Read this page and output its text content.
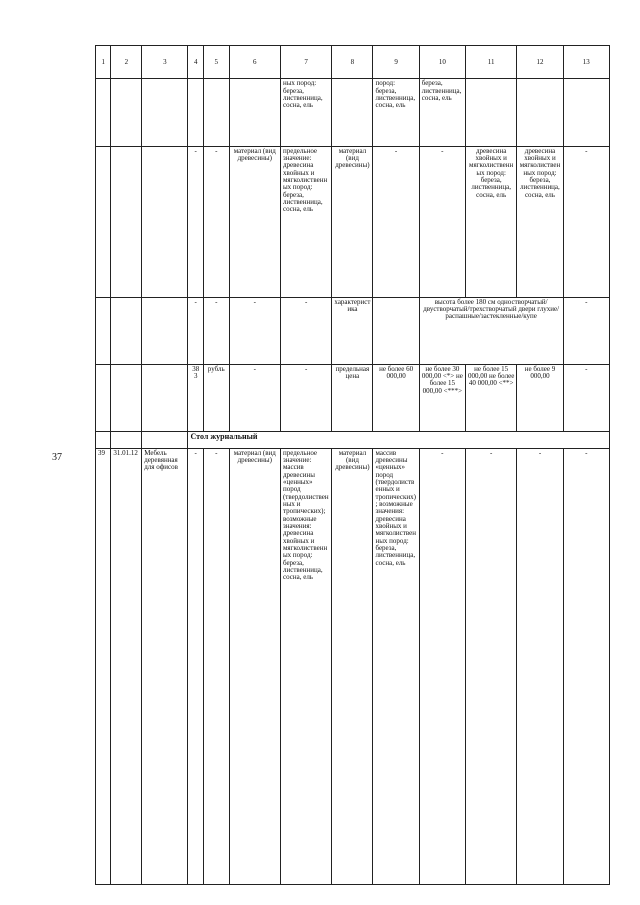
37
1	2	3	4	5	6	7	8	9	10	11	12	13
						ных пород: береза, лиственница, сосна, ель		пород: береза, лиственница, сосна, ель	береза, лиственница, сосна, ель			
			-	-	материал (вид древесины)	предельное значение: древесина хвойных и мягколиственных пород: береза, лиственница, сосна, ель	материал (вид древесины)	-	-	древесина хвойных и мягколиственных пород: береза, лиственница, сосна, ель	древесина хвойных и мягколиственных пород: береза, лиственница, сосна, ель	-
			-	-	-	-	характеристика		высота более 180 см одностворчатый/двустворчатый/трехстворчатый двери глухие/распашные/застекленные/купе			-
			383	рубль	-	-	предельная цена	не более 60 000,00	не более 30 000,00 <*> не более 15 000,00 <***>	не более 15 000,00 не более 40 000,00 <**>	не более 9 000,00	-
			Стол журнальный									
39	31.01.12	Мебель деревянная для офисов	-	-	материал (вид древесины)	предельное значение: массив древесины «ценных» пород (твердолиственных и тропических); возможные значения: древесина хвойных и мягколиственных пород: береза, лиственница, сосна, ель	материал (вид древесины)	массив древесины «ценных» пород (твердолиственных и тропических); возможные значения: древесина хвойных и мягколиственных пород: береза, лиственница, сосна, ель	-	-	-	-
